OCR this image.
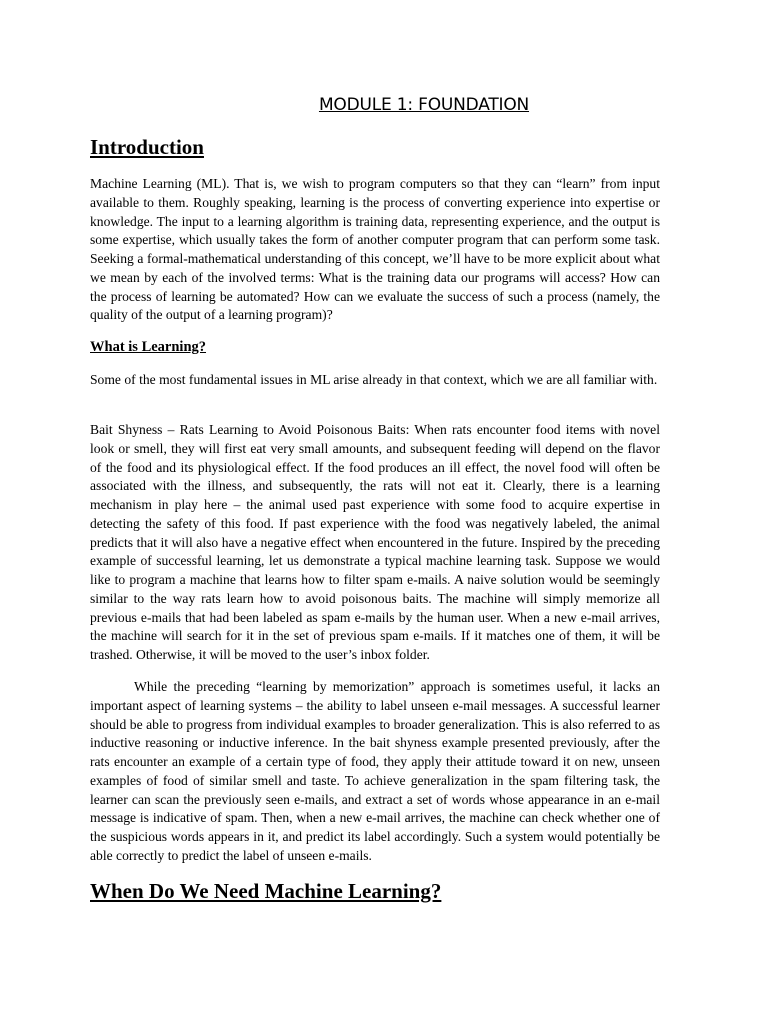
MODULE 1: FOUNDATION
Introduction
Machine Learning (ML). That is, we wish to program computers so that they can “learn” from input available to them. Roughly speaking, learning is the process of converting experience into expertise or knowledge. The input to a learning algorithm is training data, representing experience, and the output is some expertise, which usually takes the form of another computer program that can perform some task. Seeking a formal-mathematical understanding of this concept, we’ll have to be more explicit about what we mean by each of the involved terms: What is the training data our programs will access? How can the process of learning be automated? How can we evaluate the success of such a process (namely, the quality of the output of a learning program)?
What is Learning?
Some of the most fundamental issues in ML arise already in that context, which we are all familiar with.
Bait Shyness – Rats Learning to Avoid Poisonous Baits: When rats encounter food items with novel look or smell, they will first eat very small amounts, and subsequent feeding will depend on the flavor of the food and its physiological effect. If the food produces an ill effect, the novel food will often be associated with the illness, and subsequently, the rats will not eat it. Clearly, there is a learning mechanism in play here – the animal used past experience with some food to acquire expertise in detecting the safety of this food. If past experience with the food was negatively labeled, the animal predicts that it will also have a negative effect when encountered in the future. Inspired by the preceding example of successful learning, let us demonstrate a typical machine learning task. Suppose we would like to program a machine that learns how to filter spam e-mails. A naive solution would be seemingly similar to the way rats learn how to avoid poisonous baits. The machine will simply memorize all previous e-mails that had been labeled as spam e-mails by the human user. When a new e-mail arrives, the machine will search for it in the set of previous spam e-mails. If it matches one of them, it will be trashed. Otherwise, it will be moved to the user’s inbox folder.
While the preceding “learning by memorization” approach is sometimes useful, it lacks an important aspect of learning systems – the ability to label unseen e-mail messages. A successful learner should be able to progress from individual examples to broader generalization. This is also referred to as inductive reasoning or inductive inference. In the bait shyness example presented previously, after the rats encounter an example of a certain type of food, they apply their attitude toward it on new, unseen examples of food of similar smell and taste. To achieve generalization in the spam filtering task, the learner can scan the previously seen e-mails, and extract a set of words whose appearance in an e-mail message is indicative of spam. Then, when a new e-mail arrives, the machine can check whether one of the suspicious words appears in it, and predict its label accordingly. Such a system would potentially be able correctly to predict the label of unseen e-mails.
When Do We Need Machine Learning?
